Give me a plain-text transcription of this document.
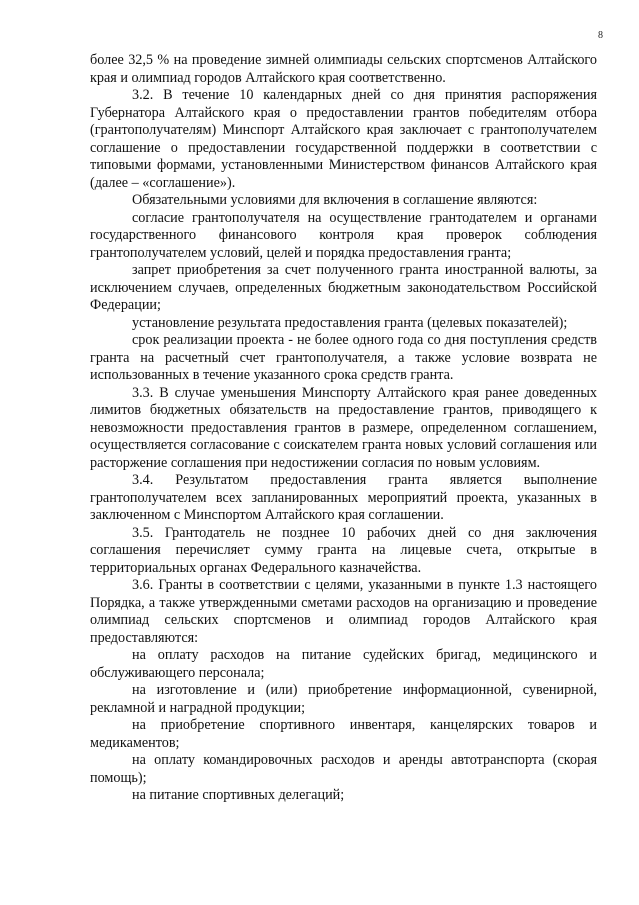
8

более 32,5 % на проведение зимней олимпиады сельских спортсменов Алтайского края и олимпиад городов Алтайского края соответственно.

3.2. В течение 10 календарных дней со дня принятия распоряжения Губернатора Алтайского края о предоставлении грантов победителям отбора (грантополучателям) Минспорт Алтайского края заключает с грантополучателем соглашение о предоставлении государственной поддержки в соответствии с типовыми формами, установленными Министерством финансов Алтайского края (далее – «соглашение»).

Обязательными условиями для включения в соглашение являются:

согласие грантополучателя на осуществление грантодателем и органами государственного финансового контроля края проверок соблюдения грантополучателем условий, целей и порядка предоставления гранта;

запрет приобретения за счет полученного гранта иностранной валюты, за исключением случаев, определенных бюджетным законодательством Российской Федерации;

установление результата предоставления гранта (целевых показателей);

срок реализации проекта - не более одного года со дня поступления средств гранта на расчетный счет грантополучателя, а также условие возврата не использованных в течение указанного срока средств гранта.

3.3. В случае уменьшения Минспорту Алтайского края ранее доведенных лимитов бюджетных обязательств на предоставление грантов, приводящего к невозможности предоставления грантов в размере, определенном соглашением, осуществляется согласование с соискателем гранта новых условий соглашения или расторжение соглашения при недостижении согласия по новым условиям.

3.4. Результатом предоставления гранта является выполнение грантополучателем всех запланированных мероприятий проекта, указанных в заключенном с Минспортом Алтайского края соглашении.

3.5. Грантодатель не позднее 10 рабочих дней со дня заключения соглашения перечисляет сумму гранта на лицевые счета, открытые в территориальных органах Федерального казначейства.

3.6. Гранты в соответствии с целями, указанными в пункте 1.3 настоящего Порядка, а также утвержденными сметами расходов на организацию и проведение олимпиад сельских спортсменов и олимпиад городов Алтайского края предоставляются:

на оплату расходов на питание судейских бригад, медицинского и обслуживающего персонала;

на изготовление и (или) приобретение информационной, сувенирной, рекламной и наградной продукции;

на приобретение спортивного инвентаря, канцелярских товаров и медикаментов;

на оплату командировочных расходов и аренды автотранспорта (скорая помощь);

на питание спортивных делегаций;
